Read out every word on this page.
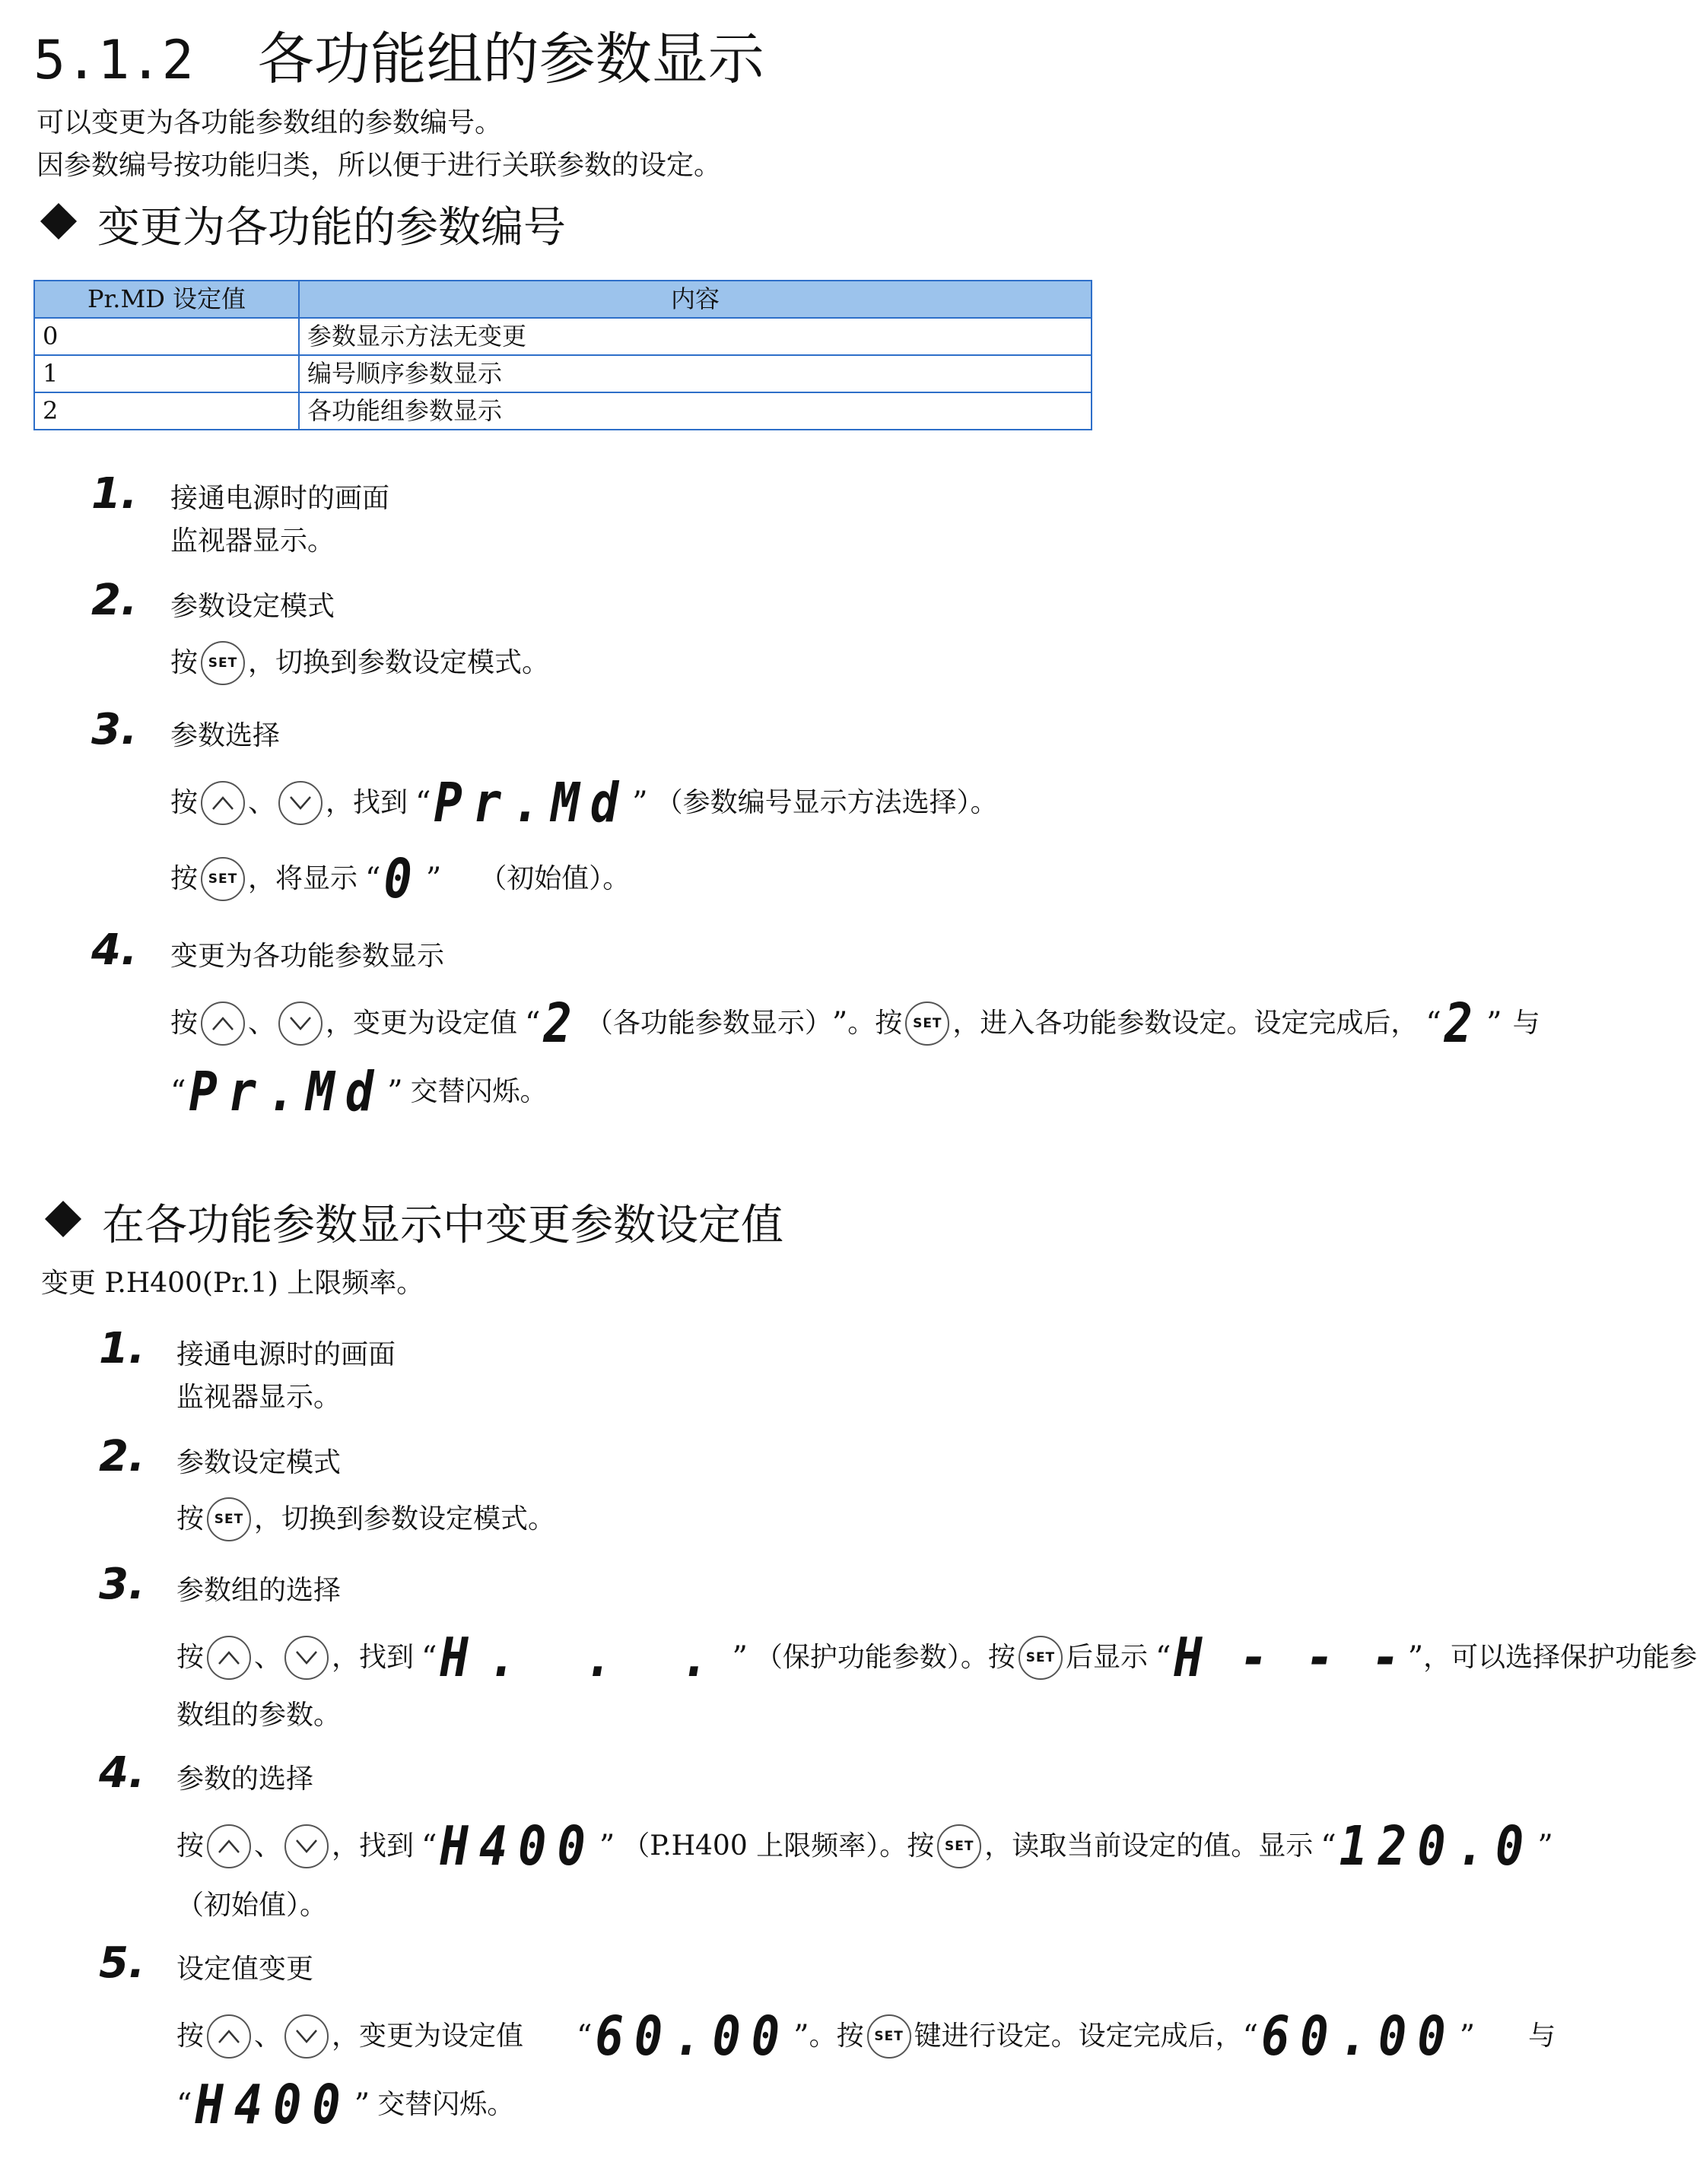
5.1.2 各功能组的参数显示
可以变更为各功能参数组的参数编号。
因参数编号按功能归类，所以便于进行关联参数的设定。
变更为各功能的参数编号
Pr.MD 设定值	内容
0	参数显示方法无变更
1	编号顺序参数显示
2	各功能组参数显示
1. 接通电源时的画面
监视器显示。
2. 参数设定模式
按 SET ，切换到参数设定模式。
3. 参数选择
按 、 ，找到 “ Pr.Md ” （参数编号显示方法选择）。
按 SET ，将显示 “ 0 ” （初始值）。
4. 变更为各功能参数显示
按 、 ，变更为设定值 “ 2 （各功能参数显示） ” 。按 SET ，进入各功能参数设定。设定完成后， “ 2 ” 与
“ Pr.Md ” 交替闪烁。
在各功能参数显示中变更参数设定值
变更 P.H400(Pr.1) 上限频率。
1. 接通电源时的画面
监视器显示。
2. 参数设定模式
按 SET ，切换到参数设定模式。
3. 参数组的选择
按 、 ，找到 “ H. . . ” （保护功能参数）。按 SET 后显示 “ H - - - ” ，可以选择保护功能参
数组的参数。
4. 参数的选择
按 、 ，找到 “ H400 ” （P.H400 上限频率）。按 SET ，读取当前设定的值。显示 “ 120.0 ”
（初始值）。
5. 设定值变更
按 、 ，变更为设定值 “ 60.00 ” 。按 SET 键进行设定。设定完成后， “ 60.00 ” 与
“ H400 ” 交替闪烁。
